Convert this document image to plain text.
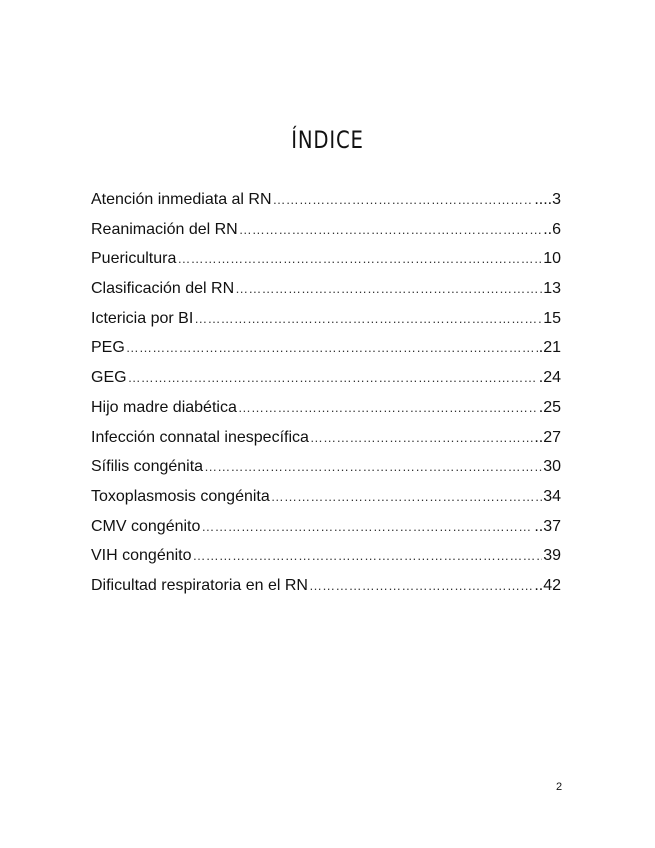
ÍNDICE
Atención inmediata al RN ……………………………………………………………………………………………………………………………………	....3
Reanimación del RN ……………………………………………………………………………………………………………………………………	..6
Puericultura ……………………………………………………………………………………………………………………………………	10
Clasificación del RN ……………………………………………………………………………………………………………………………………	13
Ictericia por BI ……………………………………………………………………………………………………………………………………	15
PEG ……………………………………………………………………………………………………………………………………	.21
GEG ……………………………………………………………………………………………………………………………………	.24
Hijo madre diabética ……………………………………………………………………………………………………………………………………	.25
Infección connatal inespecífica ……………………………………………………………………………………………………………………………………	..27
Sífilis congénita ……………………………………………………………………………………………………………………………………	30
Toxoplasmosis congénita ……………………………………………………………………………………………………………………………………	34
CMV congénito ……………………………………………………………………………………………………………………………………	..37
VIH congénito ……………………………………………………………………………………………………………………………………	39
Dificultad respiratoria en el RN ……………………………………………………………………………………………………………………………………	..42
2
